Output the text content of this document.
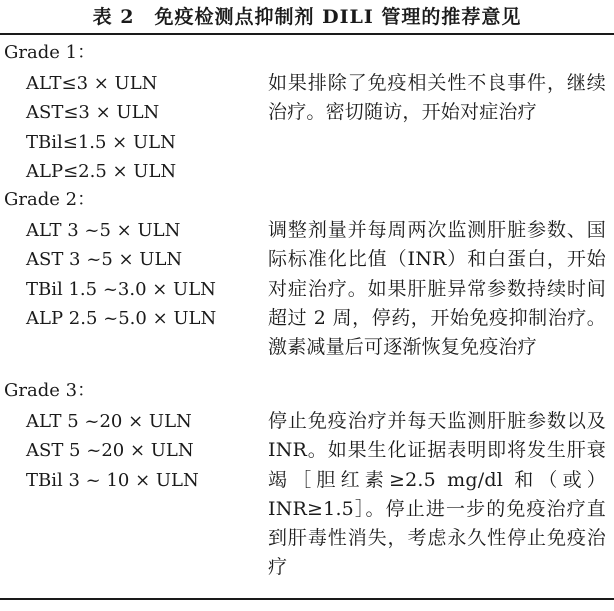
表 2　免疫检测点抑制剂 DILI 管理的推荐意见
Grade 1：
ALT≤3 × ULN
AST≤3 × ULN
TBil≤1.5 × ULN
ALP≤2.5 × ULN

如果排除了免疫相关性不良事件，继续治疗。密切随访，开始对症治疗

Grade 2：
ALT 3 ~5 × ULN
AST 3 ~5 × ULN
TBil 1.5 ~3.0 × ULN
ALP 2.5 ~5.0 × ULN

调整剂量并每周两次监测肝脏参数、国际标准化比值（INR）和白蛋白，开始对症治疗。如果肝脏异常参数持续时间超过 2 周，停药，开始免疫抑制治疗。激素减量后可逐渐恢复免疫治疗

Grade 3：
ALT 5 ~20 × ULN
AST 5 ~20 × ULN
TBil 3 ~ 10 × ULN

停止免疫治疗并每天监测肝脏参数以及 INR。如果生化证据表明即将发生肝衰竭［胆红素≥2.5 mg/dl 和（或）INR≥1.5］。停止进一步的免疫治疗直到肝毒性消失，考虑永久性停止免疫治疗
